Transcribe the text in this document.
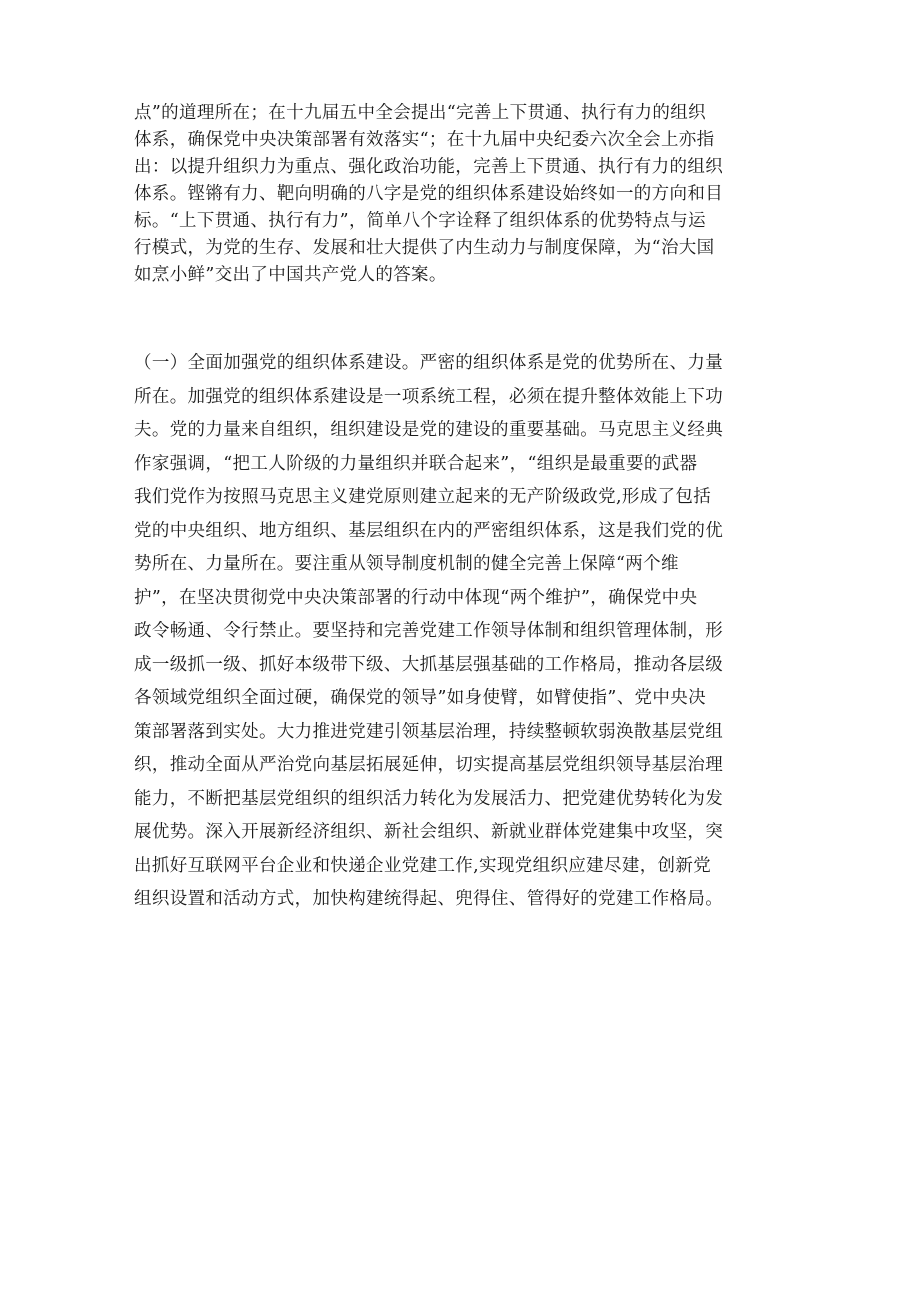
点”的道理所在；在十九届五中全会提出“完善上下贯通、执行有力的组织
体系，确保党中央决策部署有效落实“；在十九届中央纪委六次全会上亦指
出：以提升组织力为重点、强化政治功能，完善上下贯通、执行有力的组织
体系。铿锵有力、靶向明确的八字是党的组织体系建设始终如一的方向和目
标。“上下贯通、执行有力”，简单八个字诠释了组织体系的优势特点与运
行模式，为党的生存、发展和壮大提供了内生动力与制度保障，为“治大国
如烹小鲜”交出了中国共产党人的答案。

（一）全面加强党的组织体系建设。严密的组织体系是党的优势所在、力量
所在。加强党的组织体系建设是一项系统工程，必须在提升整体效能上下功
夫。党的力量来自组织，组织建设是党的建设的重要基础。马克思主义经典
作家强调，“把工人阶级的力量组织并联合起来”，“组织是最重要的武器
我们党作为按照马克思主义建党原则建立起来的无产阶级政党,形成了包括
党的中央组织、地方组织、基层组织在内的严密组织体系，这是我们党的优
势所在、力量所在。要注重从领导制度机制的健全完善上保障“两个维
护”，在坚决贯彻党中央决策部署的行动中体现“两个维护”，确保党中央
政令畅通、令行禁止。要坚持和完善党建工作领导体制和组织管理体制，形
成一级抓一级、抓好本级带下级、大抓基层强基础的工作格局，推动各层级
各领域党组织全面过硬，确保党的领导”如身使臂，如臂使指”、党中央决
策部署落到实处。大力推进党建引领基层治理，持续整顿软弱涣散基层党组
织，推动全面从严治党向基层拓展延伸，切实提高基层党组织领导基层治理
能力，不断把基层党组织的组织活力转化为发展活力、把党建优势转化为发
展优势。深入开展新经济组织、新社会组织、新就业群体党建集中攻坚，突
出抓好互联网平台企业和快递企业党建工作,实现党组织应建尽建，创新党
组织设置和活动方式，加快构建统得起、兜得住、管得好的党建工作格局。
